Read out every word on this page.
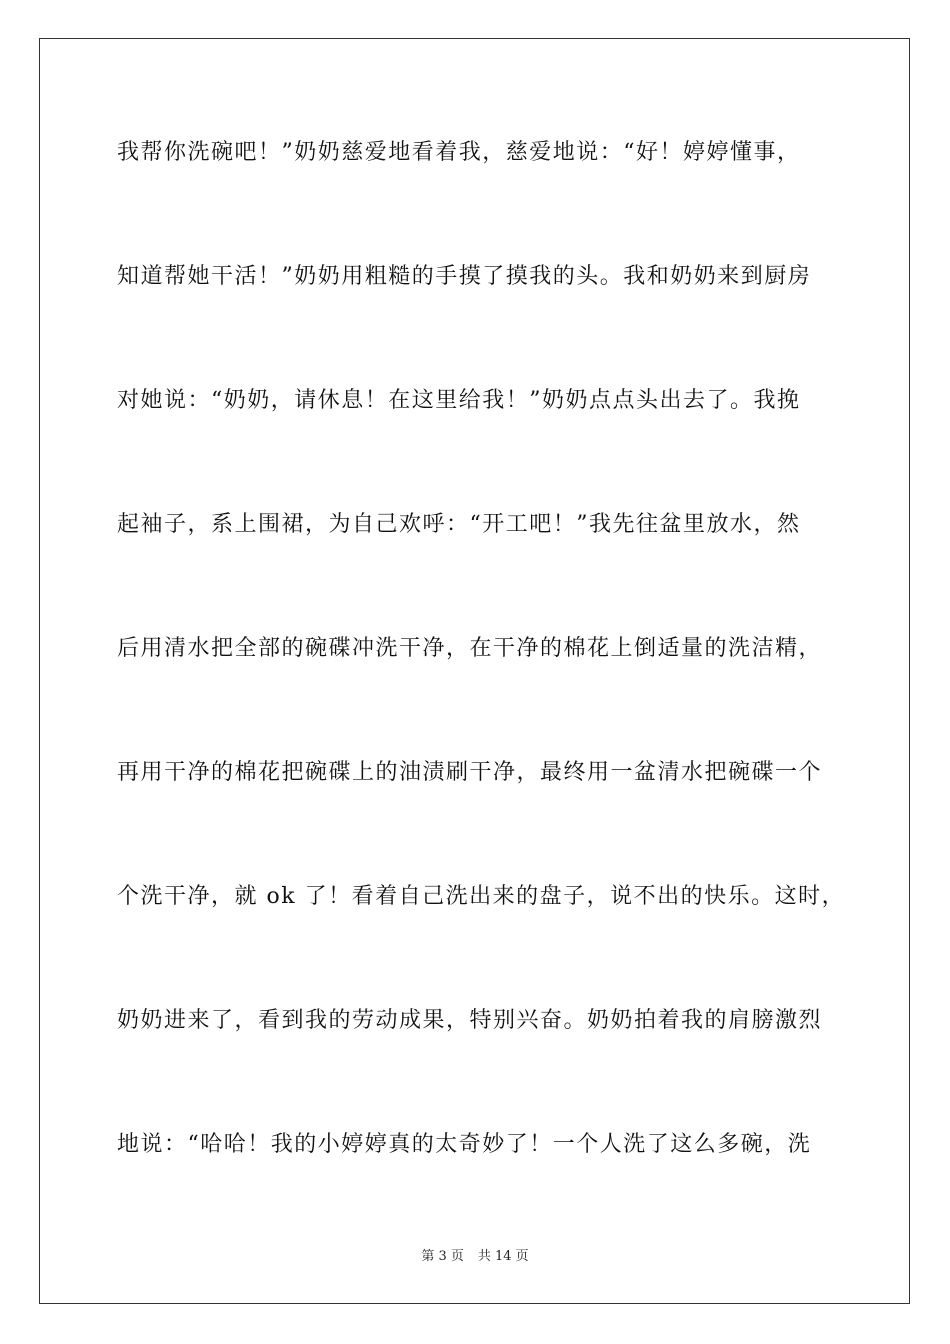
我帮你洗碗吧！”奶奶慈爱地看着我，慈爱地说：“好！婷婷懂事，
知道帮她干活！”奶奶用粗糙的手摸了摸我的头。我和奶奶来到厨房
对她说：“奶奶，请休息！在这里给我！”奶奶点点头出去了。我挽
起袖子，系上围裙，为自己欢呼：“开工吧！”我先往盆里放水，然
后用清水把全部的碗碟冲洗干净，在干净的棉花上倒适量的洗洁精，
再用干净的棉花把碗碟上的油渍刷干净，最终用一盆清水把碗碟一个
个洗干净，就 ok 了！看着自己洗出来的盘子，说不出的快乐。这时，
奶奶进来了，看到我的劳动成果，特别兴奋。奶奶拍着我的肩膀激烈
地说：“哈哈！我的小婷婷真的太奇妙了！一个人洗了这么多碗，洗
第 3 页 共 14 页
